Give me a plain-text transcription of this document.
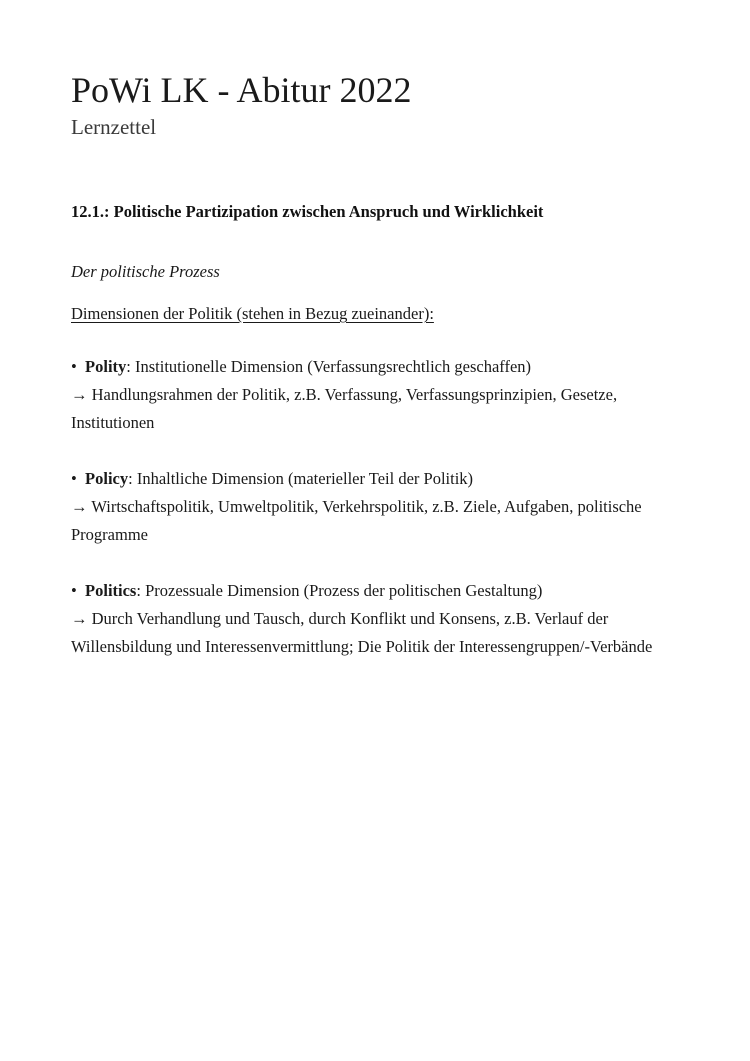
PoWi LK - Abitur 2022
Lernzettel
12.1.: Politische Partizipation zwischen Anspruch und Wirklichkeit
Der politische Prozess
Dimensionen der Politik (stehen in Bezug zueinander):

• Polity: Institutionelle Dimension (Verfassungsrechtlich geschaffen)

→ Handlungsrahmen der Politik, z.B. Verfassung, Verfassungsprinzipien, Gesetze, Institutionen

• Policy: Inhaltliche Dimension (materieller Teil der Politik)

→ Wirtschaftspolitik, Umweltpolitik, Verkehrspolitik, z.B. Ziele, Aufgaben, politische Programme

• Politics: Prozessuale Dimension (Prozess der politischen Gestaltung)

→ Durch Verhandlung und Tausch, durch Konflikt und Konsens, z.B. Verlauf der Willensbildung und Interessenvermittlung; Die Politik der Interessengruppen/-Verbände
